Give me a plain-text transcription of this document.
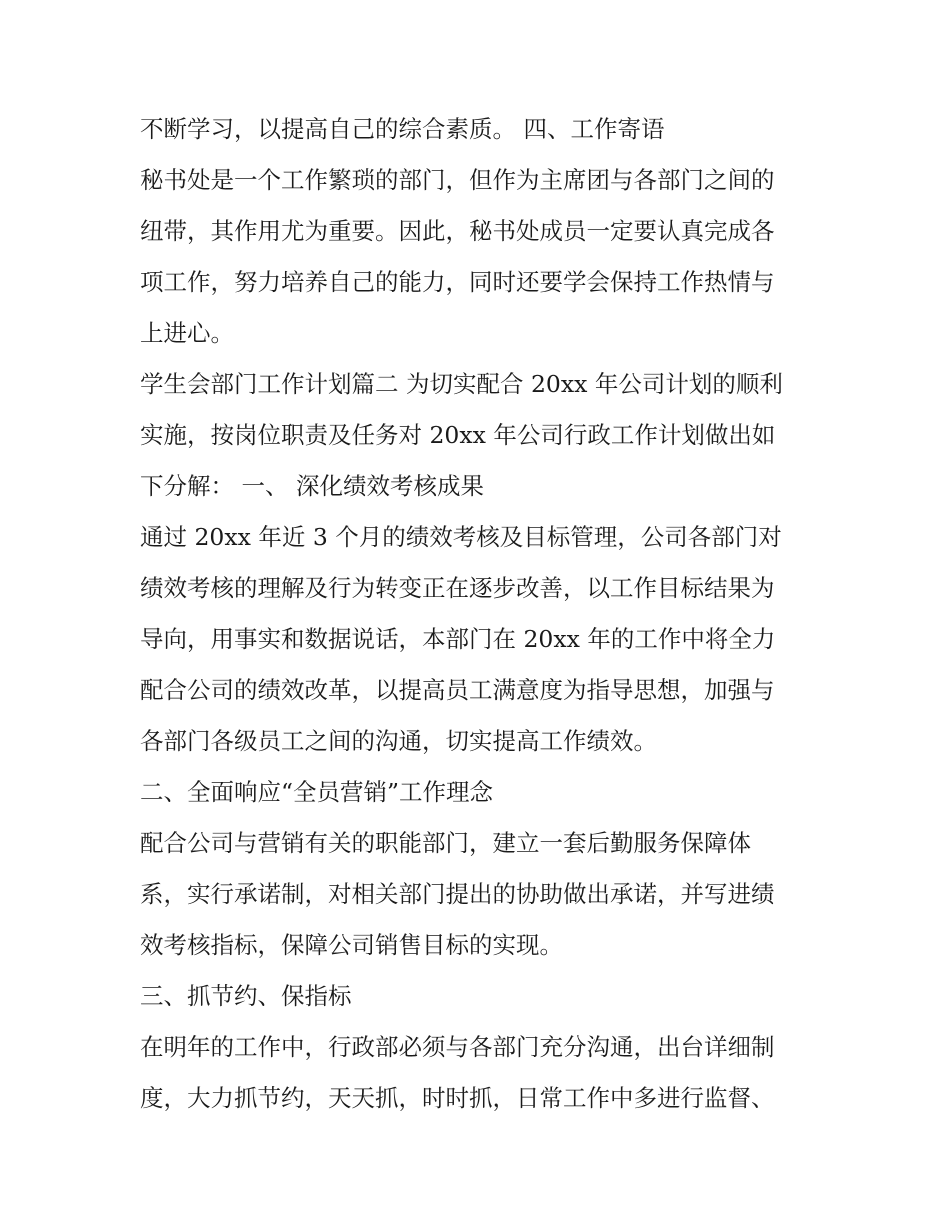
不断学习，以提高自己的综合素质。 四、工作寄语
秘书处是一个工作繁琐的部门，但作为主席团与各部门之间的
纽带，其作用尤为重要。因此，秘书处成员一定要认真完成各
项工作，努力培养自己的能力，同时还要学会保持工作热情与
上进心。
学生会部门工作计划篇二 为切实配合 20xx 年公司计划的顺利
实施，按岗位职责及任务对 20xx 年公司行政工作计划做出如
下分解： 一、 深化绩效考核成果
通过 20xx 年近 3 个月的绩效考核及目标管理，公司各部门对
绩效考核的理解及行为转变正在逐步改善，以工作目标结果为
导向，用事实和数据说话，本部门在 20xx 年的工作中将全力
配合公司的绩效改革，以提高员工满意度为指导思想，加强与
各部门各级员工之间的沟通，切实提高工作绩效。
二、全面响应“全员营销”工作理念
配合公司与营销有关的职能部门，建立一套后勤服务保障体
系，实行承诺制，对相关部门提出的协助做出承诺，并写进绩
效考核指标，保障公司销售目标的实现。
三、抓节约、保指标
在明年的工作中，行政部必须与各部门充分沟通，出台详细制
度，大力抓节约，天天抓，时时抓，日常工作中多进行监督、
